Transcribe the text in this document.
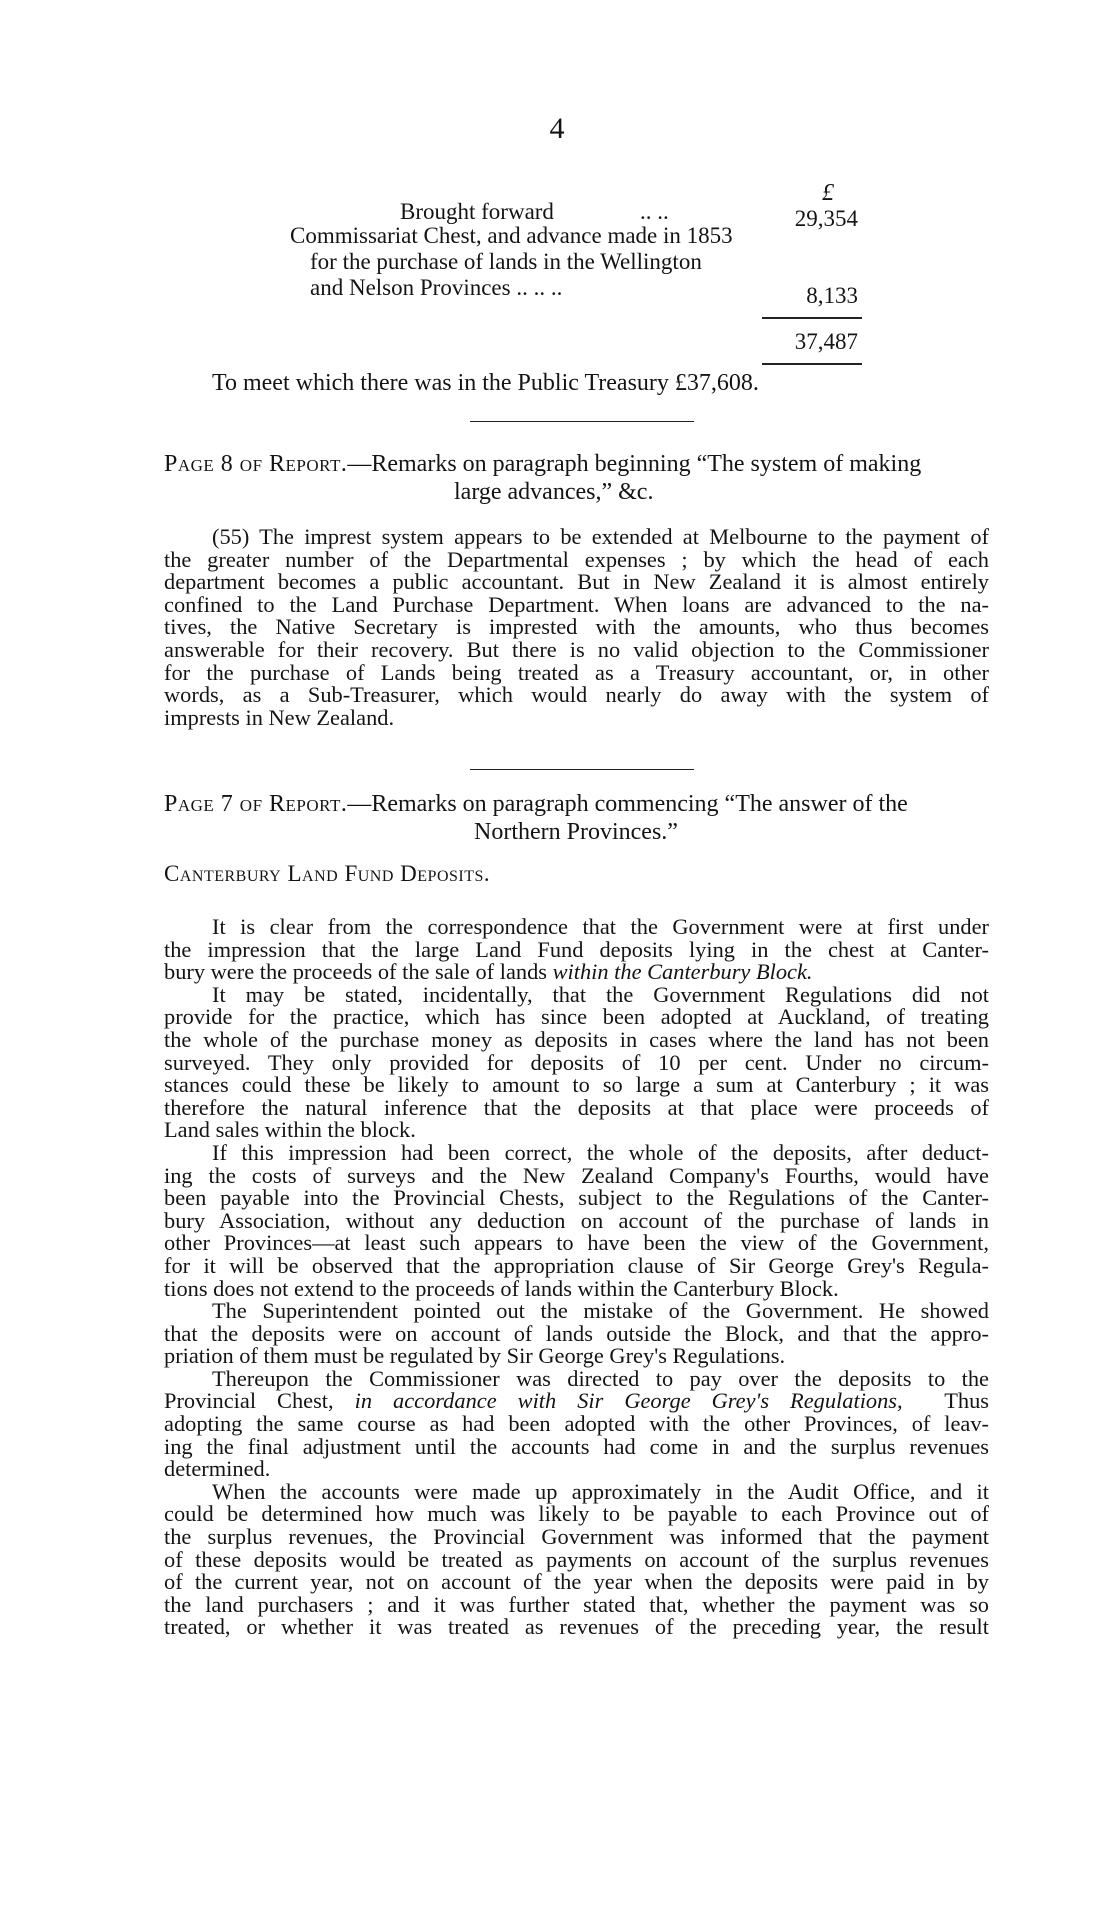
4
£
Brought forward	.. ..	29,354
Commissariat Chest, and advance made in 1853
for the purchase of lands in the Wellington
and Nelson Provinces .. .. ..	8,133
37,487
To meet which there was in the Public Treasury £37,608.
Page 8 of Report.—Remarks on paragraph beginning “The system of making
large advances,” &c.
(55) The imprest system appears to be extended at Melbourne to the payment of
the greater number of the Departmental expenses ; by which the head of each
department becomes a public accountant. But in New Zealand it is almost entirely
confined to the Land Purchase Department. When loans are advanced to the na-
tives, the Native Secretary is imprested with the amounts, who thus becomes
answerable for their recovery. But there is no valid objection to the Commissioner
for the purchase of Lands being treated as a Treasury accountant, or, in other
words, as a Sub-Treasurer, which would nearly do away with the system of
imprests in New Zealand.
Page 7 of Report.—Remarks on paragraph commencing “The answer of the
Northern Provinces.”
Canterbury Land Fund Deposits.
It is clear from the correspondence that the Government were at first under
the impression that the large Land Fund deposits lying in the chest at Canter-
bury were the proceeds of the sale of lands within the Canterbury Block.
It may be stated, incidentally, that the Government Regulations did not
provide for the practice, which has since been adopted at Auckland, of treating
the whole of the purchase money as deposits in cases where the land has not been
surveyed. They only provided for deposits of 10 per cent. Under no circum-
stances could these be likely to amount to so large a sum at Canterbury ; it was
therefore the natural inference that the deposits at that place were proceeds of
Land sales within the block.
If this impression had been correct, the whole of the deposits, after deduct-
ing the costs of surveys and the New Zealand Company's Fourths, would have
been payable into the Provincial Chests, subject to the Regulations of the Canter-
bury Association, without any deduction on account of the purchase of lands in
other Provinces—at least such appears to have been the view of the Government,
for it will be observed that the appropriation clause of Sir George Grey's Regula-
tions does not extend to the proceeds of lands within the Canterbury Block.
The Superintendent pointed out the mistake of the Government. He showed
that the deposits were on account of lands outside the Block, and that the appro-
priation of them must be regulated by Sir George Grey's Regulations.
Thereupon the Commissioner was directed to pay over the deposits to the
Provincial Chest, in accordance with Sir George Grey's Regulations,  Thus
adopting the same course as had been adopted with the other Provinces, of leav-
ing the final adjustment until the accounts had come in and the surplus revenues
determined.
When the accounts were made up approximately in the Audit Office, and it
could be determined how much was likely to be payable to each Province out of
the surplus revenues, the Provincial Government was informed that the payment
of these deposits would be treated as payments on account of the surplus revenues
of the current year, not on account of the year when the deposits were paid in by
the land purchasers ; and it was further stated that, whether the payment was so
treated, or whether it was treated as revenues of the preceding year, the result
